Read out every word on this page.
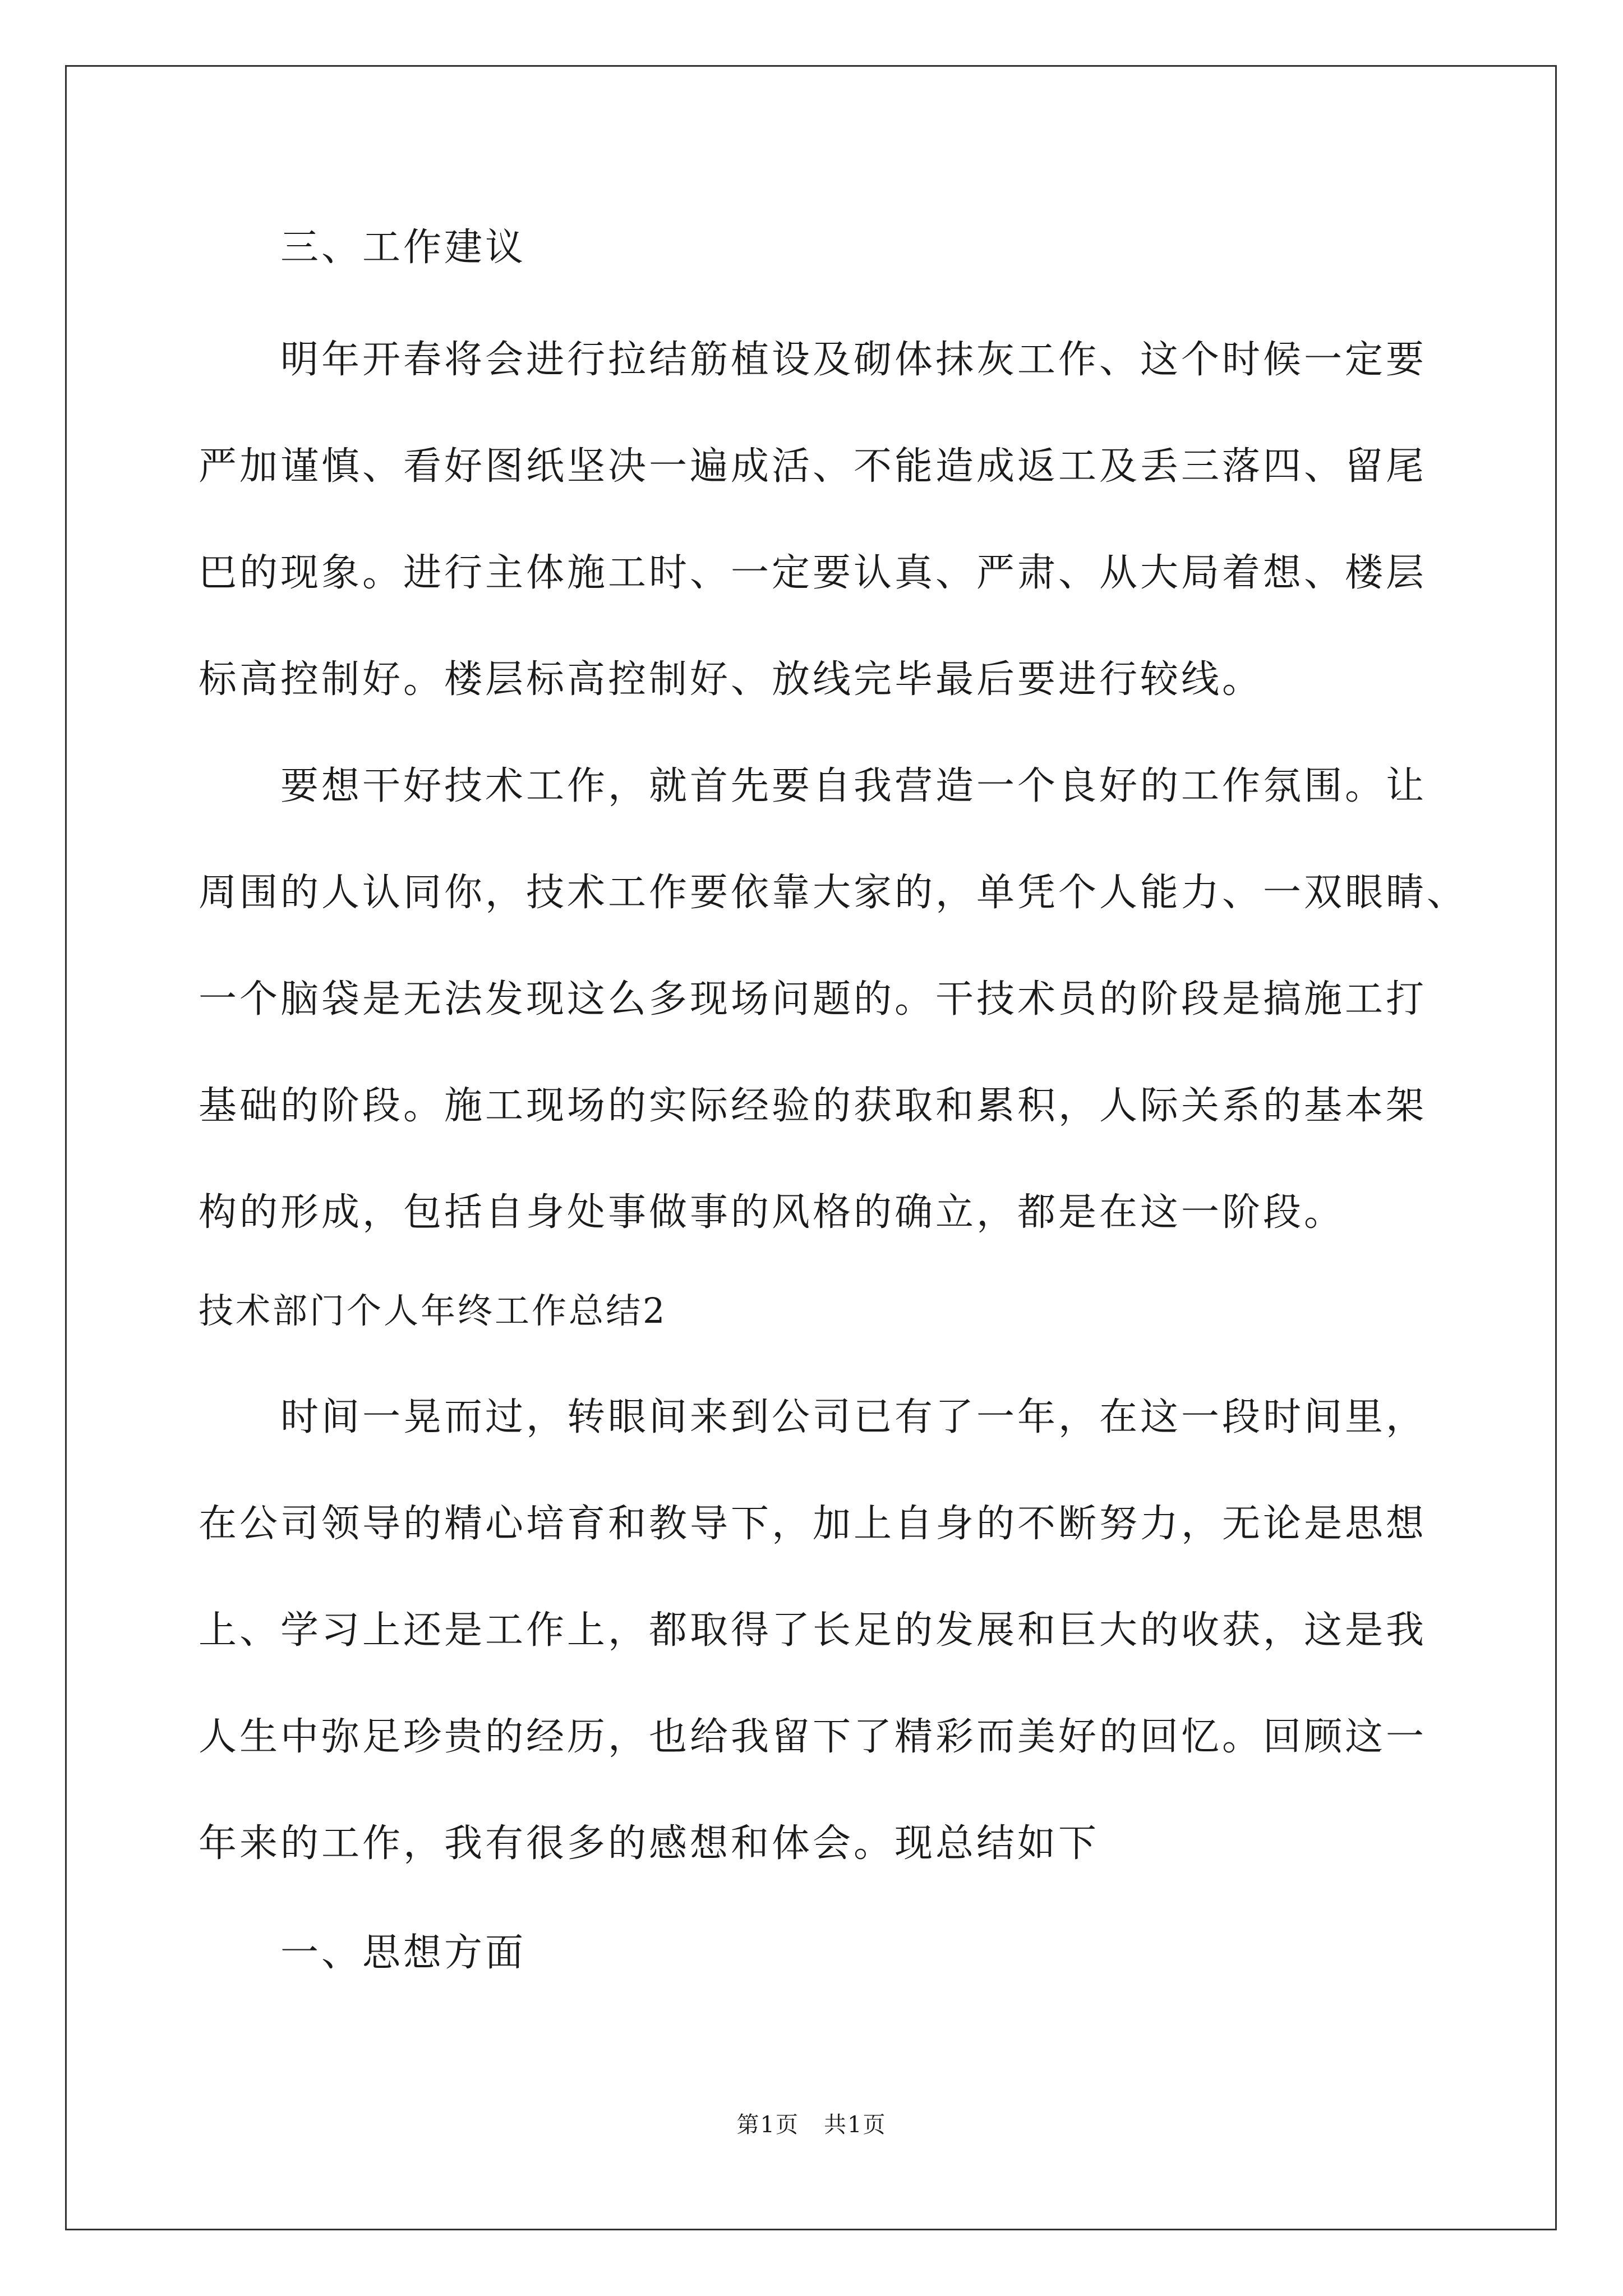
三、工作建议
明年开春将会进行拉结筋植设及砌体抹灰工作、这个时候一定要
严加谨慎、看好图纸坚决一遍成活、不能造成返工及丢三落四、留尾
巴的现象。进行主体施工时、一定要认真、严肃、从大局着想、楼层
标高控制好。楼层标高控制好、放线完毕最后要进行较线。
要想干好技术工作，就首先要自我营造一个良好的工作氛围。让
周围的人认同你，技术工作要依靠大家的，单凭个人能力、一双眼睛、
一个脑袋是无法发现这么多现场问题的。干技术员的阶段是搞施工打
基础的阶段。施工现场的实际经验的获取和累积，人际关系的基本架
构的形成，包括自身处事做事的风格的确立，都是在这一阶段。
技术部门个人年终工作总结2
时间一晃而过，转眼间来到公司已有了一年，在这一段时间里，
在公司领导的精心培育和教导下，加上自身的不断努力，无论是思想
上、学习上还是工作上，都取得了长足的发展和巨大的收获，这是我
人生中弥足珍贵的经历，也给我留下了精彩而美好的回忆。回顾这一
年来的工作，我有很多的感想和体会。现总结如下
一、思想方面
第1页 共1页
